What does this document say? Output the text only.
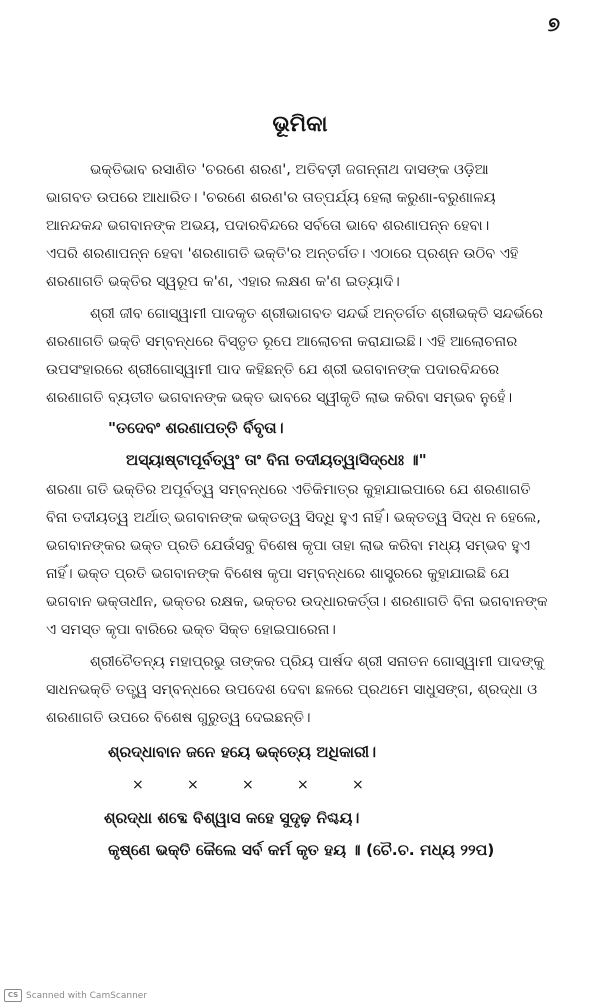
୭
ଭୂମିକା
ଭକ୍ତିଭାବ ରସାଣିତ 'ଚରଣେ ଶରଣ', ଅତିବଡ଼ୀ ଜଗନ୍ନାଥ ଦାସଙ୍କ ଓଡ଼ିଆ
ଭାଗବତ ଉପରେ ଆଧାରିତ। 'ଚରଣେ ଶରଣ'ର ତାତ୍ପର୍ଯ୍ୟ ହେଲା କରୁଣା-ବରୁଣାଳୟ
ଆନନ୍ଦକନ୍ଦ ଭଗବାନଙ୍କ ଅଭୟ, ପଦାରବିନ୍ଦରେ ସର୍ବତୋ ଭାବେ ଶରଣାପନ୍ନ ହେବା।
ଏପରି ଶରଣାପନ୍ନ ହେବା 'ଶରଣାଗତି ଭକ୍ତି'ର ଅନ୍ତର୍ଗତ। ଏଠାରେ ପ୍ରଶ୍ନ ଉଠିବ ଏହି
ଶରଣାଗତି ଭକ୍ତିର ସ୍ୱରୂପ କ'ଣ, ଏହାର ଲକ୍ଷଣ କ'ଣ ଇତ୍ୟାଦି।
ଶ୍ରୀ ଜୀବ ଗୋସ୍ୱାମୀ ପାଦକୃତ ଶ୍ରୀଭାଗବତ ସନ୍ଦର୍ଭ ଅନ୍ତର୍ଗତ ଶ୍ରୀଭକ୍ତି ସନ୍ଦର୍ଭରେ
ଶରଣାଗତି ଭକ୍ତି ସମ୍ବନ୍ଧରେ ବିସ୍ତୃତ ରୂପେ ଆଲୋଚନା କରାଯାଇଛି। ଏହି ଆଲୋଚନାର
ଉପସଂହାରରେ ଶ୍ରୀଗୋସ୍ୱାମୀ ପାଦ କହିଛନ୍ତି ଯେ ଶ୍ରୀ ଭଗବାନଙ୍କ ପଦାରବିନ୍ଦରେ
ଶରଣାଗତି ବ୍ୟତୀତ ଭଗବାନଙ୍କ ଭକ୍ତ ଭାବରେ ସ୍ୱୀକୃତି ଲାଭ କରିବା ସମ୍ଭବ ନୁହେଁ।
"ତଦେବଂ ଶରଣାପତ୍ତି ର୍ବିବୃତା।
ଅସ୍ୟାଷ୍ଟାପୂର୍ବତ୍ୱଂ ତାଂ ବିନା ତଦୀୟତ୍ୱାସିଦ୍ଧେଃ ॥"
ଶରଣା ଗତି ଭକ୍ତିର ଅପୂର୍ବତ୍ୱ ସମ୍ବନ୍ଧରେ ଏତିକିମାତ୍ର କୁହାଯାଇପାରେ ଯେ ଶରଣାଗତି
ବିନା ତଦୀୟତ୍ୱ ଅର୍ଥାତ୍ ଭଗବାନଙ୍କ ଭକ୍ତତ୍ୱ ସିଦ୍ଧି ହୁଏ ନାହିଁ। ଭକ୍ତତ୍ୱ ସିଦ୍ଧ ନ ହେଲେ,
ଭଗବାନଙ୍କର ଭକ୍ତ ପ୍ରତି ଯେଉଁସବୁ ବିଶେଷ କୃପା ତାହା ଲାଭ କରିବା ମଧ୍ୟ ସମ୍ଭବ ହୁଏ
ନାହିଁ। ଭକ୍ତ ପ୍ରତି ଭଗବାନଙ୍କ ବିଶେଷ କୃପା ସମ୍ବନ୍ଧରେ ଶାସ୍ତ୍ରରେ କୁହାଯାଇଛି ଯେ
ଭଗବାନ ଭକ୍ତାଧୀନ, ଭକ୍ତର ରକ୍ଷକ, ଭକ୍ତର ଉଦ୍ଧାରକର୍ତ୍ତା। ଶରଣାଗତି ବିନା ଭଗବାନଙ୍କ
ଏ ସମସ୍ତ କୃପା ବାରିରେ ଭକ୍ତ ସିକ୍ତ ହୋଇପାରେନା।
ଶ୍ରୀଚୈତନ୍ୟ ମହାପ୍ରଭୁ ତାଙ୍କର ପ୍ରିୟ ପାର୍ଷଦ ଶ୍ରୀ ସନାତନ ଗୋସ୍ୱାମୀ ପାଦଙ୍କୁ
ସାଧନଭକ୍ତି ତତ୍ତ୍ୱ ସମ୍ବନ୍ଧରେ ଉପଦେଶ ଦେବା ଛଳରେ ପ୍ରଥମେ ସାଧୁସଙ୍ଗ, ଶ୍ରଦ୍ଧା ଓ
ଶରଣାଗତି ଉପରେ ବିଶେଷ ଗୁରୁତ୍ୱ ଦେଇଛନ୍ତି।
ଶ୍ରଦ୍ଧାବାନ ଜନେ ହୟେ ଭକ୍ତ୍ୟେ ଅଧିକାରୀ।
×	×	×	×	×
ଶ୍ରଦ୍ଧା ଶବ୍ଦେ ବିଶ୍ୱାସ କହେ ସୁଦୃଢ଼ ନିଶ୍ଚୟ।
କୃଷ୍ଣେ ଭକ୍ତି କୈଲେ ସର୍ବ କର୍ମ କୃତ ହୟ ॥ (ଚୈ.ଚ. ମଧ୍ୟ ୨୨ପ)
CS Scanned with CamScanner
